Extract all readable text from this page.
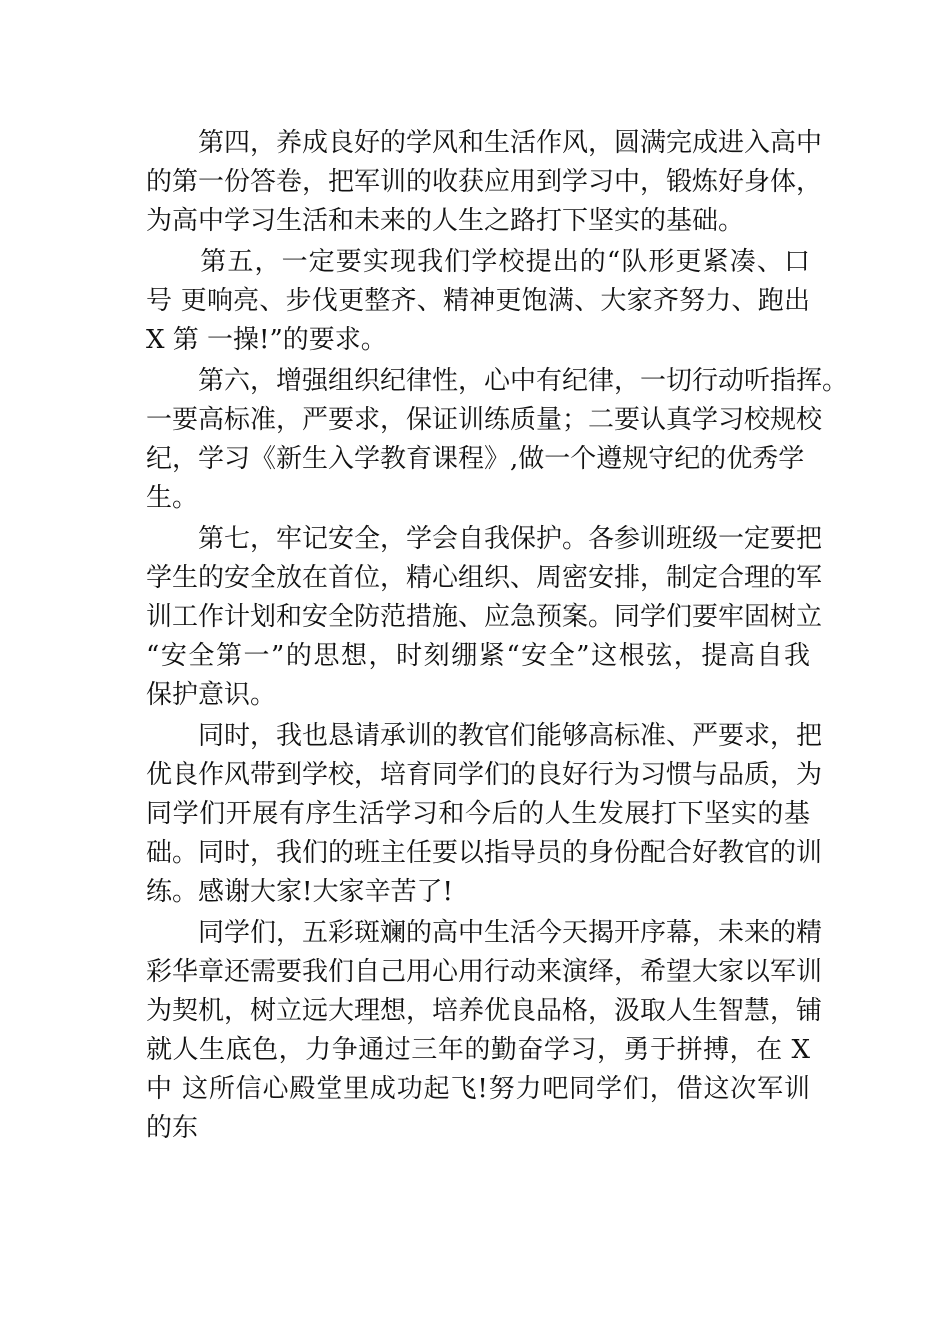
　　第四，养成良好的学风和生活作风，圆满完成进入高中
的第一份答卷，把军训的收获应用到学习中，锻炼好身体，
为高中学习生活和未来的人生之路打下坚实的基础。
　　第五，一定要实现我们学校提出的“队形更紧凑、口
号 更响亮、步伐更整齐、精神更饱满、大家齐努力、跑出
X 第 一操!”的要求。
　　第六，增强组织纪律性，心中有纪律，一切行动听指挥。
一要高标准，严要求，保证训练质量；二要认真学习校规校
纪，学习《新生入学教育课程》,做一个遵规守纪的优秀学
生。
　　第七，牢记安全，学会自我保护。各参训班级一定要把
学生的安全放在首位，精心组织、周密安排，制定合理的军
训工作计划和安全防范措施、应急预案。同学们要牢固树立
“安全第一”的思想，时刻绷紧“安全”这根弦，提高自我
保护意识。
　　同时，我也恳请承训的教官们能够高标准、严要求，把
优良作风带到学校，培育同学们的良好行为习惯与品质，为
同学们开展有序生活学习和今后的人生发展打下坚实的基
础。同时，我们的班主任要以指导员的身份配合好教官的训
练。感谢大家!大家辛苦了!
　　同学们，五彩斑斓的高中生活今天揭开序幕，未来的精
彩华章还需要我们自己用心用行动来演绎，希望大家以军训
为契机，树立远大理想，培养优良品格，汲取人生智慧，铺
就人生底色，力争通过三年的勤奋学习，勇于拼搏，在 X
中 这所信心殿堂里成功起飞!努力吧同学们，借这次军训
的东
